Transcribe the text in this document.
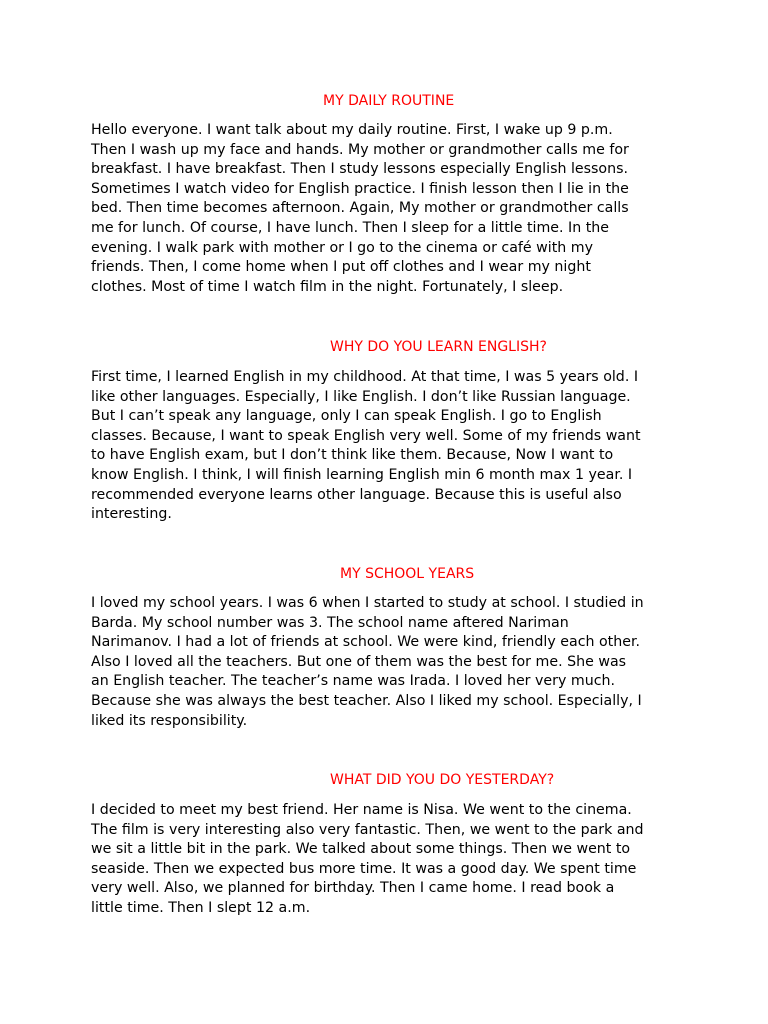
MY DAILY ROUTINE
Hello everyone. I want talk about my daily routine. First, I wake up 9 p.m.
Then I wash up my face and hands. My mother or grandmother calls me for
breakfast. I have breakfast. Then I study lessons especially English lessons.
Sometimes I watch video for English practice. I finish lesson then I lie in the
bed. Then time becomes afternoon. Again, My mother or grandmother calls
me for lunch. Of course, I have lunch. Then I sleep for a little time. In the
evening. I walk park with mother or I go to the cinema or café with my
friends. Then, I come home when I put off clothes and I wear my night
clothes. Most of time I watch film in the night. Fortunately, I sleep.
WHY DO YOU LEARN ENGLISH?
First time, I learned English in my childhood. At that time, I was 5 years old. I
like other languages. Especially, I like English. I don’t like Russian language.
But I can’t speak any language, only I can speak English. I go to English
classes. Because, I want to speak English very well. Some of my friends want
to have English exam, but I don’t think like them. Because, Now I want to
know English. I think, I will finish learning English min 6 month max 1 year. I
recommended everyone learns other language. Because this is useful also
interesting.
MY SCHOOL YEARS
I loved my school years. I was 6 when I started to study at school. I studied in
Barda. My school number was 3. The school name aftered Nariman
Narimanov. I had a lot of friends at school. We were kind, friendly each other.
Also I loved all the teachers. But one of them was the best for me. She was
an English teacher. The teacher’s name was Irada. I loved her very much.
Because she was always the best teacher. Also I liked my school. Especially, I
liked its responsibility.
WHAT DID YOU DO YESTERDAY?
I decided to meet my best friend. Her name is Nisa. We went to the cinema.
The film is very interesting also very fantastic. Then, we went to the park and
we sit a little bit in the park. We talked about some things. Then we went to
seaside. Then we expected bus more time. It was a good day. We spent time
very well. Also, we planned for birthday. Then I came home. I read book a
little time. Then I slept 12 a.m.
